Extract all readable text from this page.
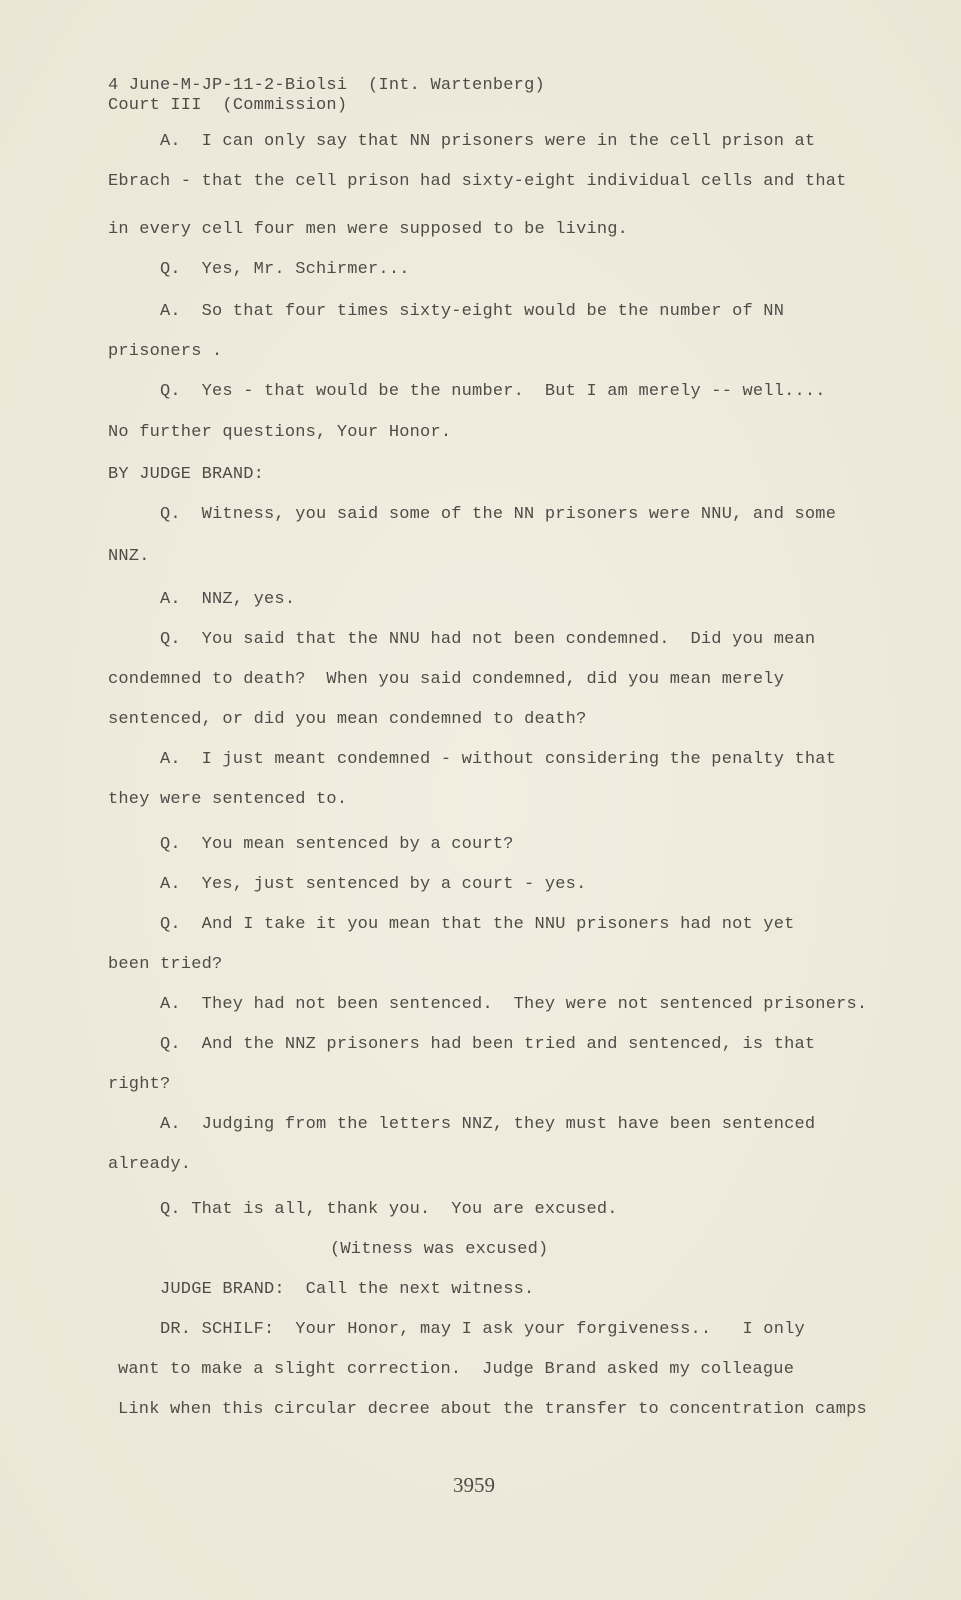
4 June-M-JP-11-2-Biolsi  (Int. Wartenberg)
Court III  (Commission)
A.  I can only say that NN prisoners were in the cell prison at
Ebrach - that the cell prison had sixty-eight individual cells and that
in every cell four men were supposed to be living.
Q.  Yes, Mr. Schirmer...
A.  So that four times sixty-eight would be the number of NN
prisoners .
Q.  Yes - that would be the number.  But I am merely -- well....
No further questions, Your Honor.
BY JUDGE BRAND:
Q.  Witness, you said some of the NN prisoners were NNU, and some
NNZ.
A.  NNZ, yes.
Q.  You said that the NNU had not been condemned.  Did you mean
condemned to death?  When you said condemned, did you mean merely
sentenced, or did you mean condemned to death?
A.  I just meant condemned - without considering the penalty that
they were sentenced to.
Q.  You mean sentenced by a court?
A.  Yes, just sentenced by a court - yes.
Q.  And I take it you mean that the NNU prisoners had not yet
been tried?
A.  They had not been sentenced.  They were not sentenced prisoners.
Q.  And the NNZ prisoners had been tried and sentenced, is that
right?
A.  Judging from the letters NNZ, they must have been sentenced
already.
Q. That is all, thank you.  You are excused.
(Witness was excused)
JUDGE BRAND:  Call the next witness.
DR. SCHILF:  Your Honor, may I ask your forgiveness..   I only
want to make a slight correction.  Judge Brand asked my colleague
Link when this circular decree about the transfer to concentration camps
3959
